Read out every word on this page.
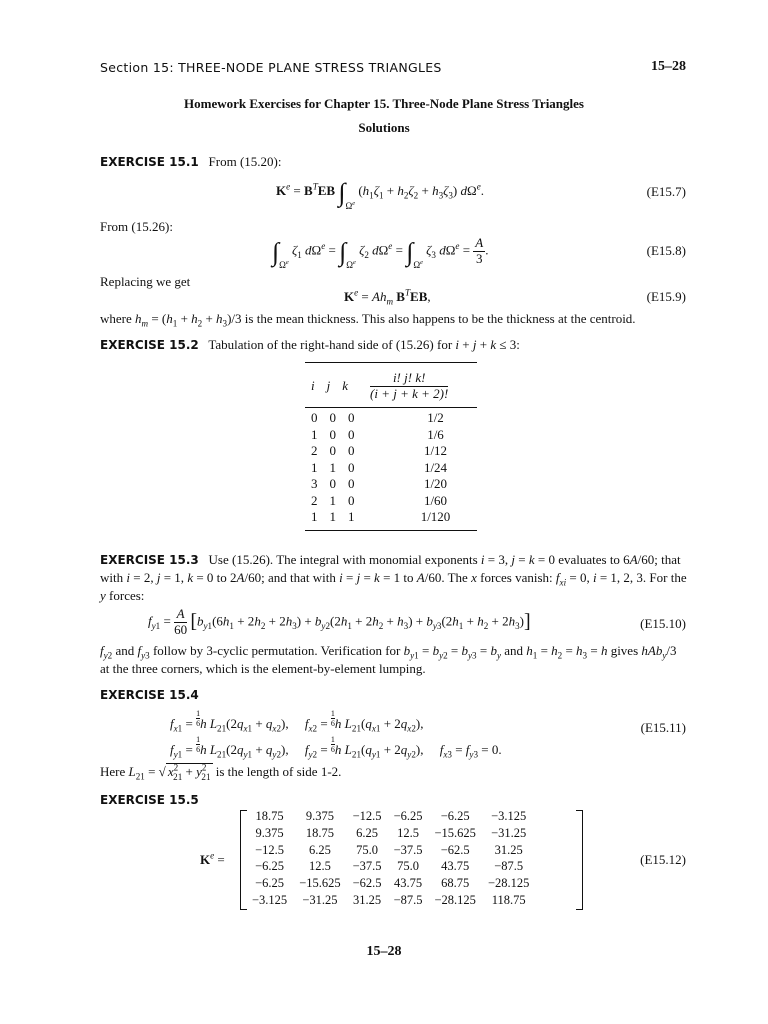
Section 15: THREE-NODE PLANE STRESS TRIANGLES	15–28
Homework Exercises for Chapter 15. Three-Node Plane Stress Triangles
Solutions
EXERCISE 15.1 From (15.20):
$K^e = B^TEB$ $\int_{\Omega^e}$ $(h_1\zeta_1 + h_2\zeta_2 + h_3\zeta_3)$ $d\Omega^e$.	(E15.7)
From (15.26):
$\int_{\Omega^e}$ $\zeta_1$ $d\Omega^e = \int_{\Omega^e}$ $\zeta_2$ $d\Omega^e = \int_{\Omega^e}$ $\zeta_3$ $d\Omega^e = \frac{A}{3}$ .	(E15.8)
Replacing we get
$K^e = Ah_m$ $B^TEB$,	(E15.9)
where $h_m = (h_1 + h_2 + h_3)/3$ is the mean thickness. This also happens to be the thickness at the centroid.
EXERCISE 15.2 Tabulation of the right-hand side of (15.26) for i + j + k ≤ 3:
i	j	k	$\frac{i! j! k!}{(i + j + k + 2)!}$
0	0	0	1/2
1	0	0	1/6
2	0	0	1/12
1	1	0	1/24
3	0	0	1/20
2	1	0	1/60
1	1	1	1/120
EXERCISE 15.3   Use (15.26). The integral with monomial exponents i = 3, j = k = 0 evaluates to 6A/60; that with i = 2, j = 1, k = 0 to 2A/60; and that with i = j = k = 1 to A/60. The x forces vanish: $f_{xi} = 0$, i = 1, 2, 3. For the y forces:
$f_{y1} = \frac{A}{60} [b_{y1}(6h_1 + 2h_2 + 2h_3) + b_{y2}(2h_1 + 2h_2 + h_3) + b_{y3}(2h_1 + h_2 + 2h_3)]$	(E15.10)
$f_{y2}$ and $f_{y3}$ follow by 3-cyclic permutation. Verification for $b_{y1} = b_{y2} = b_{y3} = b_y$ and $h_1 = h_2 = h_3 = h$ gives hAb$_y$/3 at the three corners, which is the element-by-element lumping.
EXERCISE 15.4
$f_{x1} = \frac{1}{6}$ h $L_{21}(2q_{x1} + q_{x2})$,     $f_{x2} = \frac{1}{6}$ h $L_{21}(q_{x1} + 2q_{x2})$,
$f_{y1} = \frac{1}{6}$ h $L_{21}(2q_{y1} + q_{y2})$,     $f_{y2} = \frac{1}{6}$ h $L_{21}(q_{y1} + 2q_{y2})$,     $f_{x3} = f_{y3} = 0$.
(E15.11)
Here $L_{21}$ = √ $x^2_{21} + y^2_{21}$ is the length of side 1-2.
EXERCISE 15.5
$K^e$ =
18.75	9.375	−12.5	−6.25	−6.25	−3.125
9.375	18.75	6.25	12.5	−15.625	−31.25
−12.5	6.25	75.0	−37.5	−62.5	31.25
−6.25	12.5	−37.5	75.0	43.75	−87.5
−6.25	−15.625	−62.5	43.75	68.75	−28.125
−3.125	−31.25	31.25	−87.5	−28.125	118.75
(E15.12)
15–28
